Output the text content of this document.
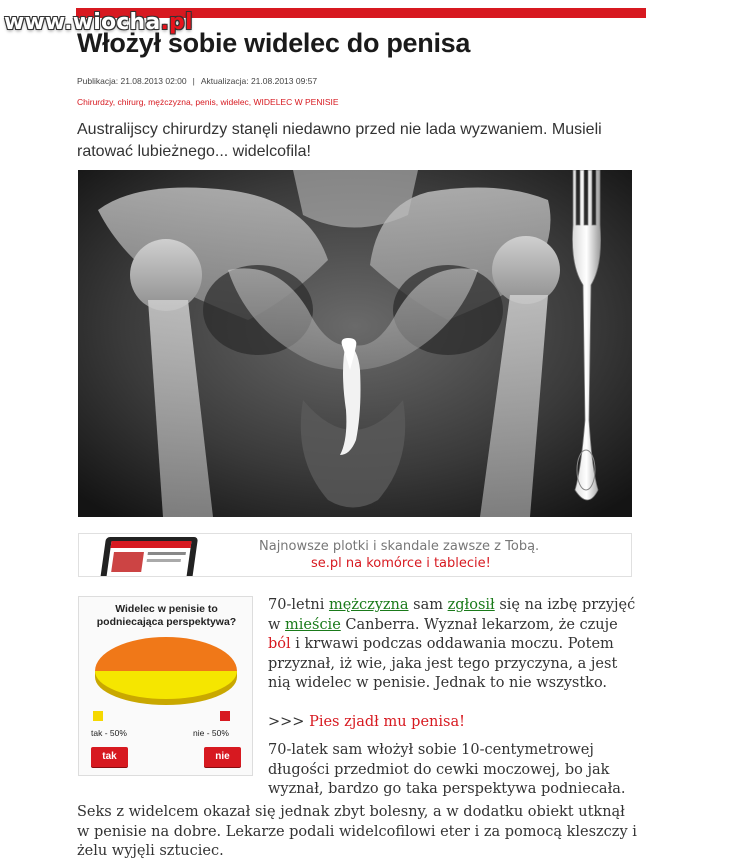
www.wiocha.pl
Włożył sobie widelec do penisa
Publikacja: 21.08.2013 02:00 | Aktualizacja: 21.08.2013 09:57
Chirurdzy, chirurg, mężczyzna, penis, widelec, WIDELEC W PENISIE

Australijscy chirurdzy stanęli niedawno przed nie lada wyzwaniem. Musieli ratować lubieżnego... widelcofila!

Najnowsze plotki i skandale zawsze z Tobą.
se.pl na komórce i tablecie!
Widelec w penisie to podniecająca perspektywa?
tak - 50%	nie - 50%
tak	nie

70-letni mężczyzna sam zgłosił się na izbę przyjęć w mieście Canberra. Wyznał lekarzom, że czuje ból i krwawi podczas oddawania moczu. Potem przyznał, iż wie, jaka jest tego przyczyna, a jest nią widelec w penisie. Jednak to nie wszystko.

>>> Pies zjadł mu penisa!

70-latek sam włożył sobie 10-centymetrowej długości przedmiot do cewki moczowej, bo jak wyznał, bardzo go taka perspektywa podniecała.

Seks z widelcem okazał się jednak zbyt bolesny, a w dodatku obiekt utknął w penisie na dobre. Lekarze podali widelcofilowi eter i za pomocą kleszczy i żelu wyjęli sztuciec.
